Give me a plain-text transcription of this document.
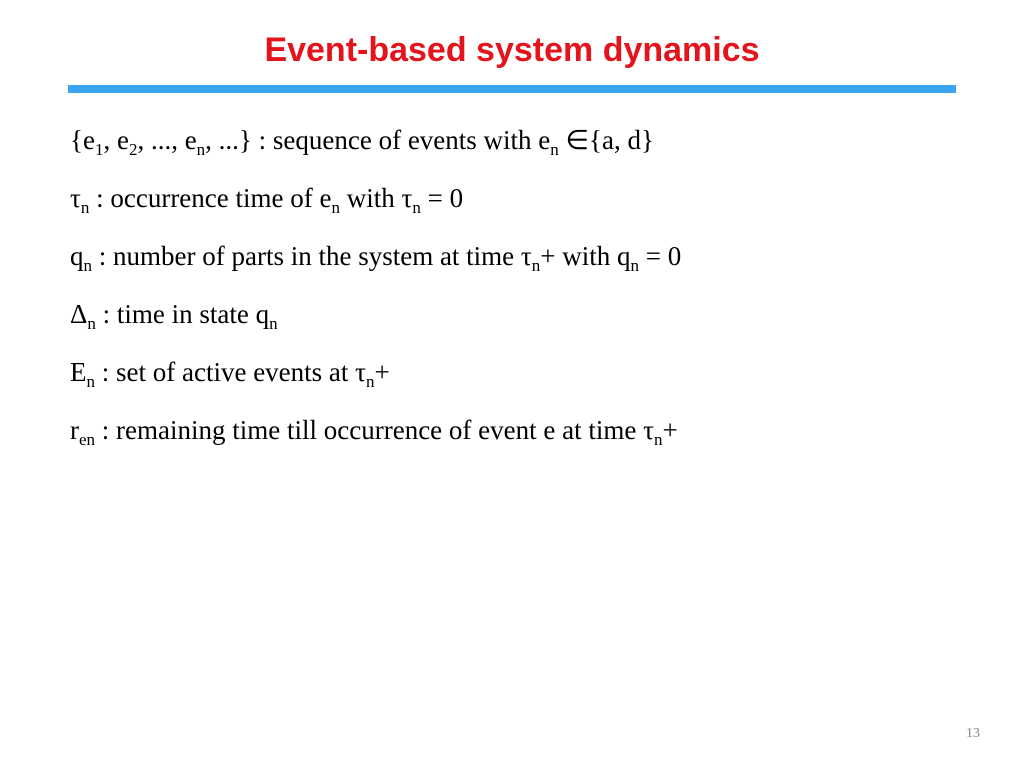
Event-based system dynamics
{$e_1$, $e_2$, ..., $e_n$, ...} : sequence of events with $e_n$ ∈{a, d}
$\tau_n$ : occurrence time of $e_n$ with $\tau_n = 0$
$q_n$ : number of parts in the system at time $\tau_n+$ with $q_n = 0$
$\Delta_n$ : time in state $q_n$
$E_n$ : set of active events at $\tau_n+$
$r_{en}$ : remaining time till occurrence of event e at time $\tau_n+$
13
